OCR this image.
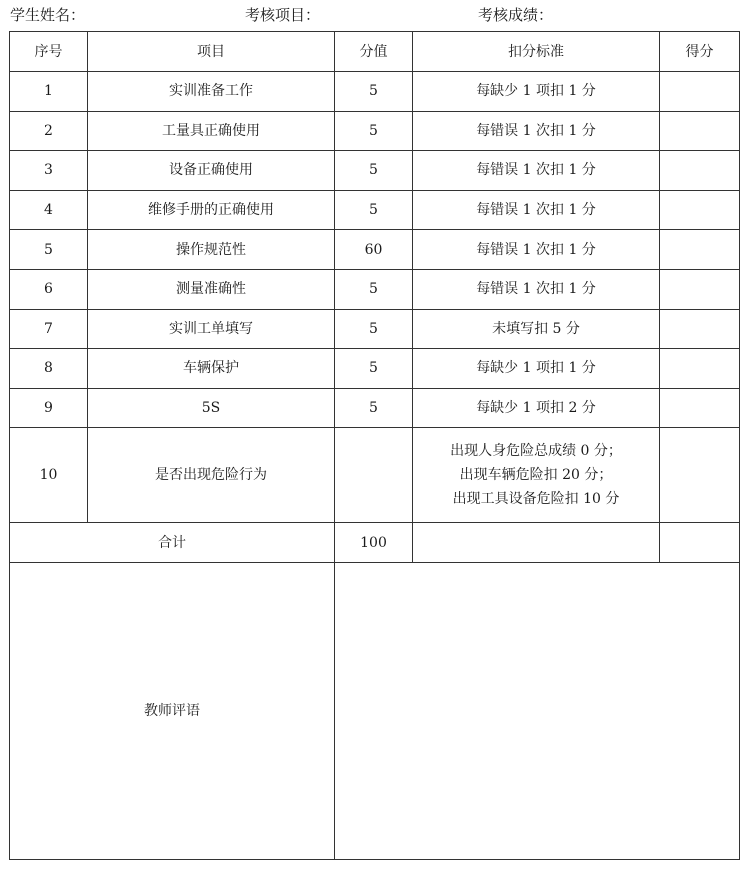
学生姓名：	考核项目：	考核成绩：
序号	项目	分值	扣分标准	得分
1	实训准备工作	5	每缺少 1 项扣 1 分	
2	工量具正确使用	5	每错误 1 次扣 1 分	
3	设备正确使用	5	每错误 1 次扣 1 分	
4	维修手册的正确使用	5	每错误 1 次扣 1 分	
5	操作规范性	60	每错误 1 次扣 1 分	
6	测量准确性	5	每错误 1 次扣 1 分	
7	实训工单填写	5	未填写扣 5 分	
8	车辆保护	5	每缺少 1 项扣 1 分	
9	5S	5	每缺少 1 项扣 2 分	
10	是否出现危险行为		出现人身危险总成绩 0 分；
出现车辆危险扣 20 分；
出现工具设备危险扣 10 分	

合计		100		
教师评语				
